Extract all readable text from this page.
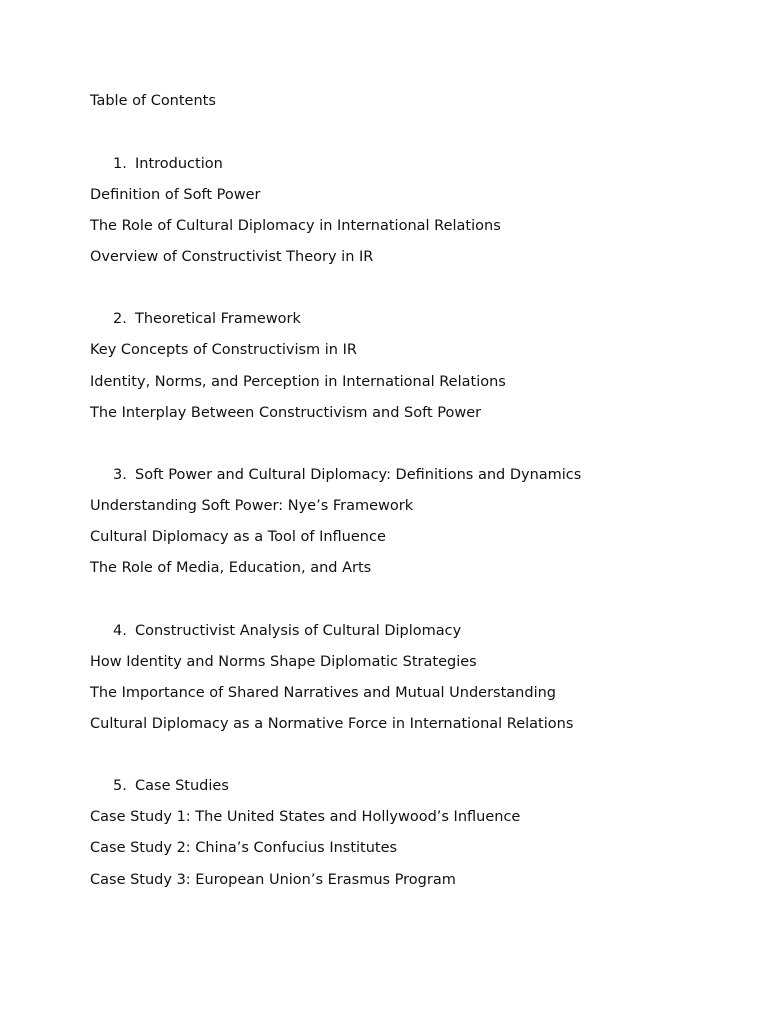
Table of Contents
1. Introduction
Definition of Soft Power
The Role of Cultural Diplomacy in International Relations
Overview of Constructivist Theory in IR
2. Theoretical Framework
Key Concepts of Constructivism in IR
Identity, Norms, and Perception in International Relations
The Interplay Between Constructivism and Soft Power
3. Soft Power and Cultural Diplomacy: Definitions and Dynamics
Understanding Soft Power: Nye’s Framework
Cultural Diplomacy as a Tool of Influence
The Role of Media, Education, and Arts
4. Constructivist Analysis of Cultural Diplomacy
How Identity and Norms Shape Diplomatic Strategies
The Importance of Shared Narratives and Mutual Understanding
Cultural Diplomacy as a Normative Force in International Relations
5. Case Studies
Case Study 1: The United States and Hollywood’s Influence
Case Study 2: China’s Confucius Institutes
Case Study 3: European Union’s Erasmus Program
